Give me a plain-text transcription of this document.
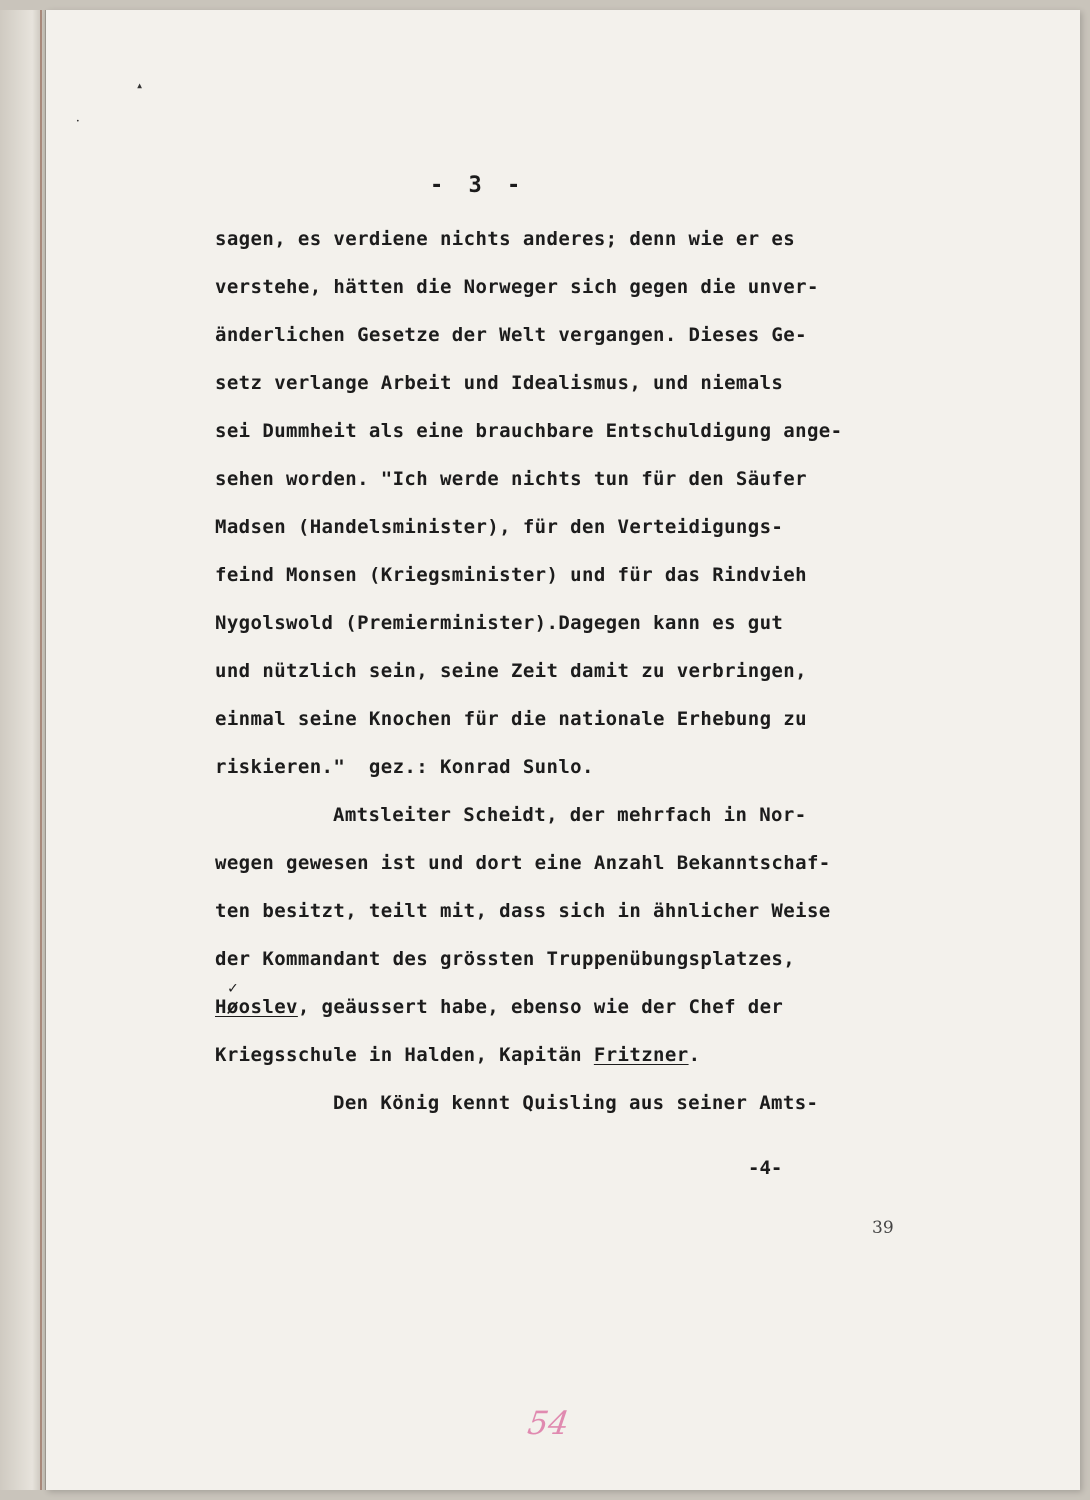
▴
•
- 3 -
sagen, es verdiene nichts anderes; denn wie er es
verstehe, hätten die Norweger sich gegen die unver-
änderlichen Gesetze der Welt vergangen. Dieses Ge-
setz verlange Arbeit und Idealismus, und niemals
sei Dummheit als eine brauchbare Entschuldigung ange-
sehen worden. "Ich werde nichts tun für den Säufer
Madsen (Handelsminister), für den Verteidigungs-
feind Monsen (Kriegsminister) und für das Rindvieh
Nygolswold (Premierminister).Dagegen kann es gut
und nützlich sein, seine Zeit damit zu verbringen,
einmal seine Knochen für die nationale Erhebung zu
riskieren."  gez.: Konrad Sunlo.
Amtsleiter Scheidt, der mehrfach in Nor-
wegen gewesen ist und dort eine Anzahl Bekanntschaf-
ten besitzt, teilt mit, dass sich in ähnlicher Weise
der Kommandant des grössten Truppenübungsplatzes,
Høoslev, geäussert habe, ebenso wie der Chef der
Kriegsschule in Halden, Kapitän Fritzner.
Den König kennt Quisling aus seiner Amts-
✓
-4-
39
54
